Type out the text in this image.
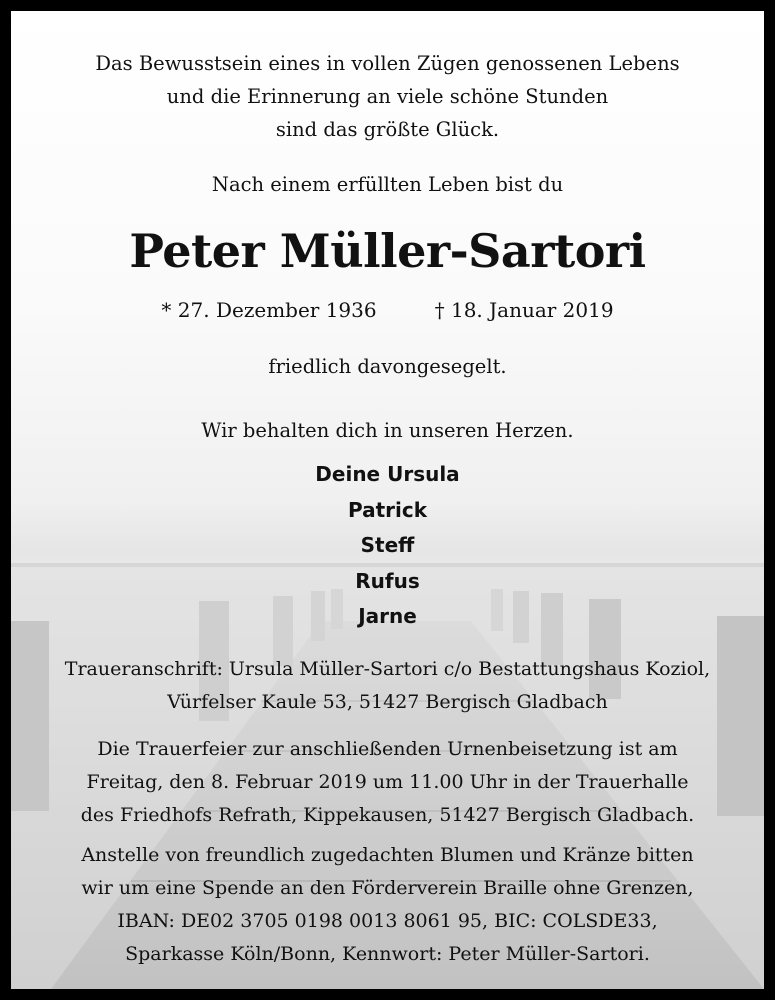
Das Bewusstsein eines in vollen Zügen genossenen Lebens
und die Erinnerung an viele schöne Stunden
sind das größte Glück.
Nach einem erfüllten Leben bist du
Peter Müller-Sartori
* 27. Dezember 1936	† 18. Januar 2019
friedlich davongesegelt.
Wir behalten dich in unseren Herzen.
Deine Ursula
Patrick
Steff
Rufus
Jarne
Traueranschrift: Ursula Müller-Sartori c/o Bestattungshaus Koziol,
Vürfelser Kaule 53, 51427 Bergisch Gladbach
Die Trauerfeier zur anschließenden Urnenbeisetzung ist am
Freitag, den 8. Februar 2019 um 11.00 Uhr in der Trauerhalle
des Friedhofs Refrath, Kippekausen, 51427 Bergisch Gladbach.
Anstelle von freundlich zugedachten Blumen und Kränze bitten
wir um eine Spende an den Förderverein Braille ohne Grenzen,
IBAN: DE02 3705 0198 0013 8061 95, BIC: COLSDE33,
Sparkasse Köln/Bonn, Kennwort: Peter Müller-Sartori.
